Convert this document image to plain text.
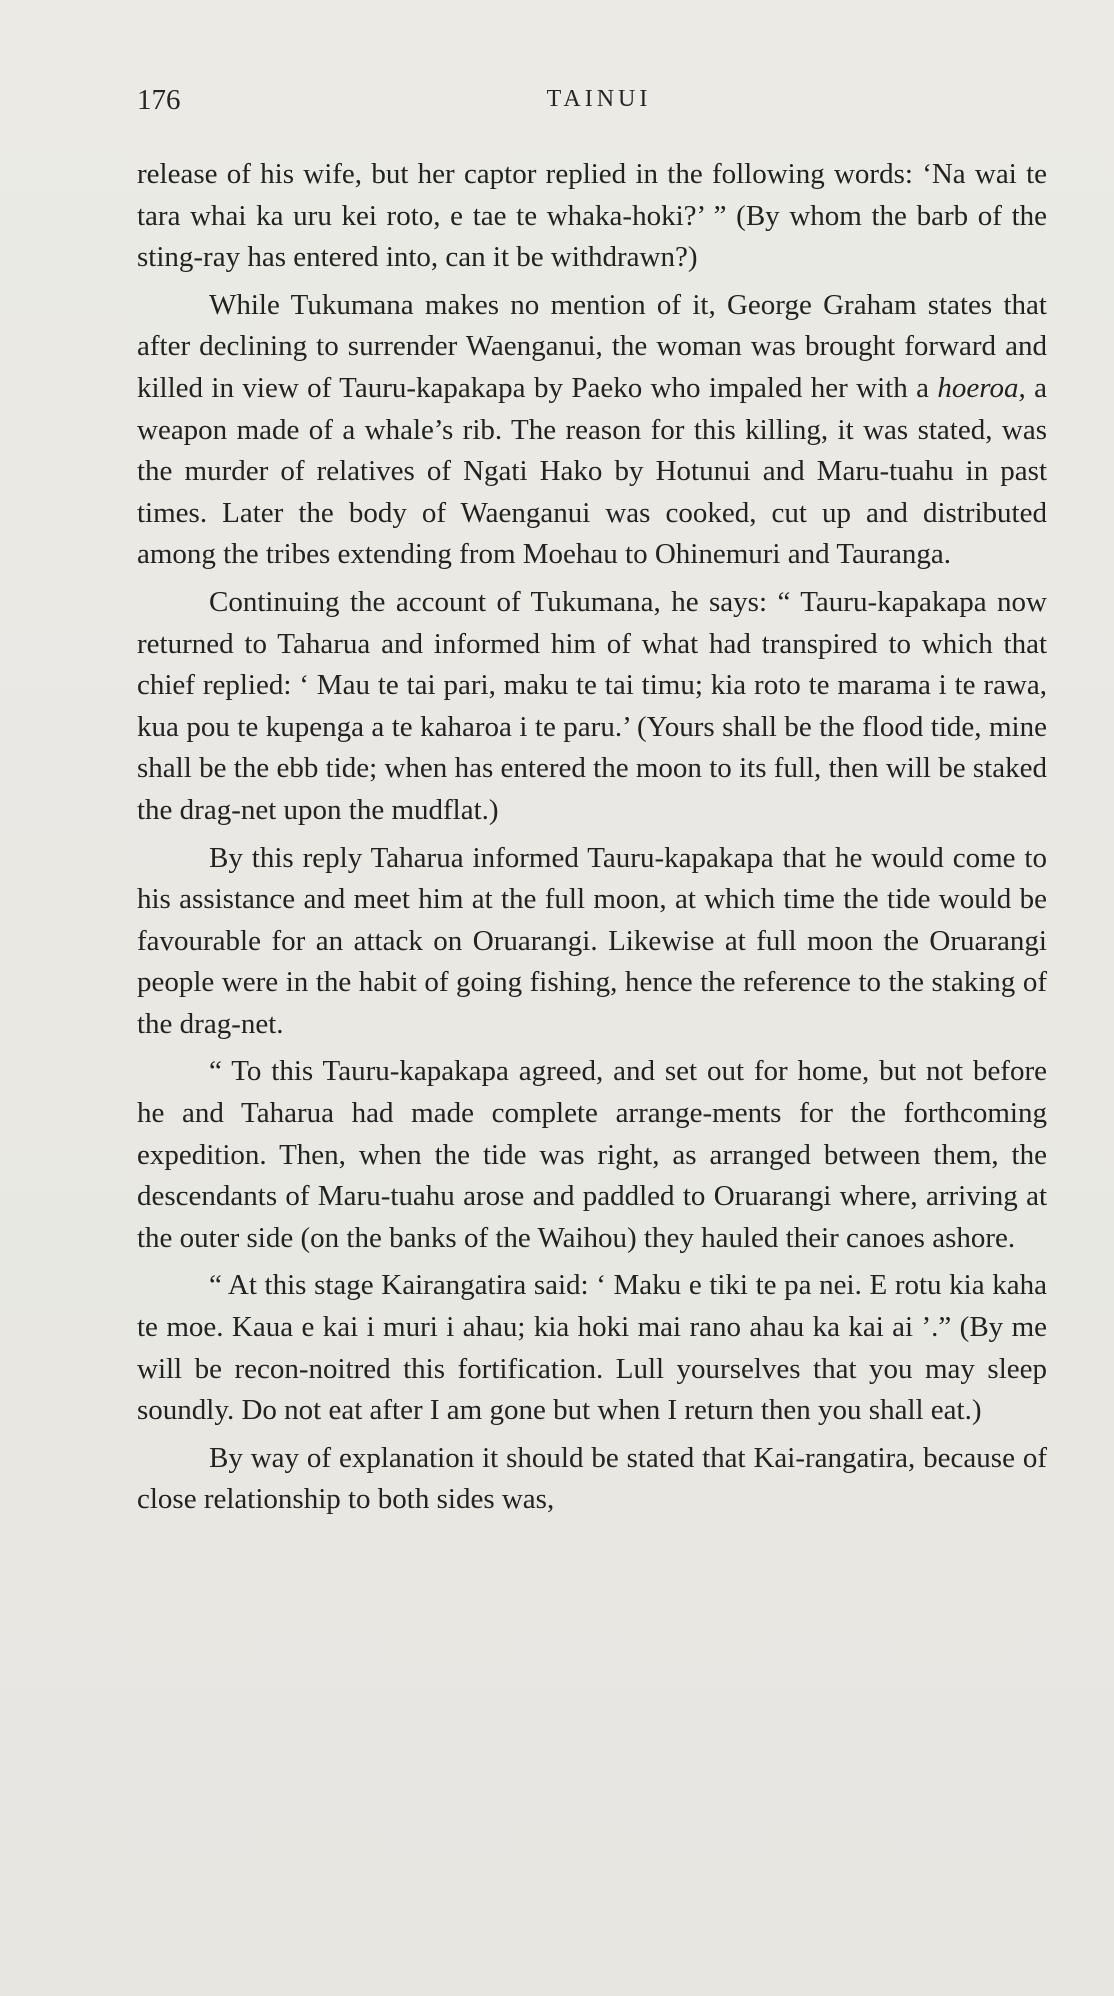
176	TAINUI

release of his wife, but her captor replied in the following words: ‘Na wai te tara whai ka uru kei roto, e tae te whaka-hoki?’ ” (By whom the barb of the sting-ray has entered into, can it be withdrawn?)

While Tukumana makes no mention of it, George Graham states that after declining to surrender Waenganui, the woman was brought forward and killed in view of Tauru-kapakapa by Paeko who impaled her with a hoeroa, a weapon made of a whale’s rib. The reason for this killing, it was stated, was the murder of relatives of Ngati Hako by Hotunui and Maru-tuahu in past times. Later the body of Waenganui was cooked, cut up and distributed among the tribes extending from Moehau to Ohinemuri and Tauranga.

Continuing the account of Tukumana, he says: “ Tauru-kapakapa now returned to Taharua and informed him of what had transpired to which that chief replied: ‘ Mau te tai pari, maku te tai timu; kia roto te marama i te rawa, kua pou te kupenga a te kaharoa i te paru.’ (Yours shall be the flood tide, mine shall be the ebb tide; when has entered the moon to its full, then will be staked the drag-net upon the mudflat.)

By this reply Taharua informed Tauru-kapakapa that he would come to his assistance and meet him at the full moon, at which time the tide would be favourable for an attack on Oruarangi. Likewise at full moon the Oruarangi people were in the habit of going fishing, hence the reference to the staking of the drag-net.

“ To this Tauru-kapakapa agreed, and set out for home, but not before he and Taharua had made complete arrange-ments for the forthcoming expedition. Then, when the tide was right, as arranged between them, the descendants of Maru-tuahu arose and paddled to Oruarangi where, arriving at the outer side (on the banks of the Waihou) they hauled their canoes ashore.

“ At this stage Kairangatira said: ‘ Maku e tiki te pa nei. E rotu kia kaha te moe. Kaua e kai i muri i ahau; kia hoki mai rano ahau ka kai ai ’.” (By me will be recon-noitred this fortification. Lull yourselves that you may sleep soundly. Do not eat after I am gone but when I return then you shall eat.)

By way of explanation it should be stated that Kai-rangatira, because of close relationship to both sides was,
